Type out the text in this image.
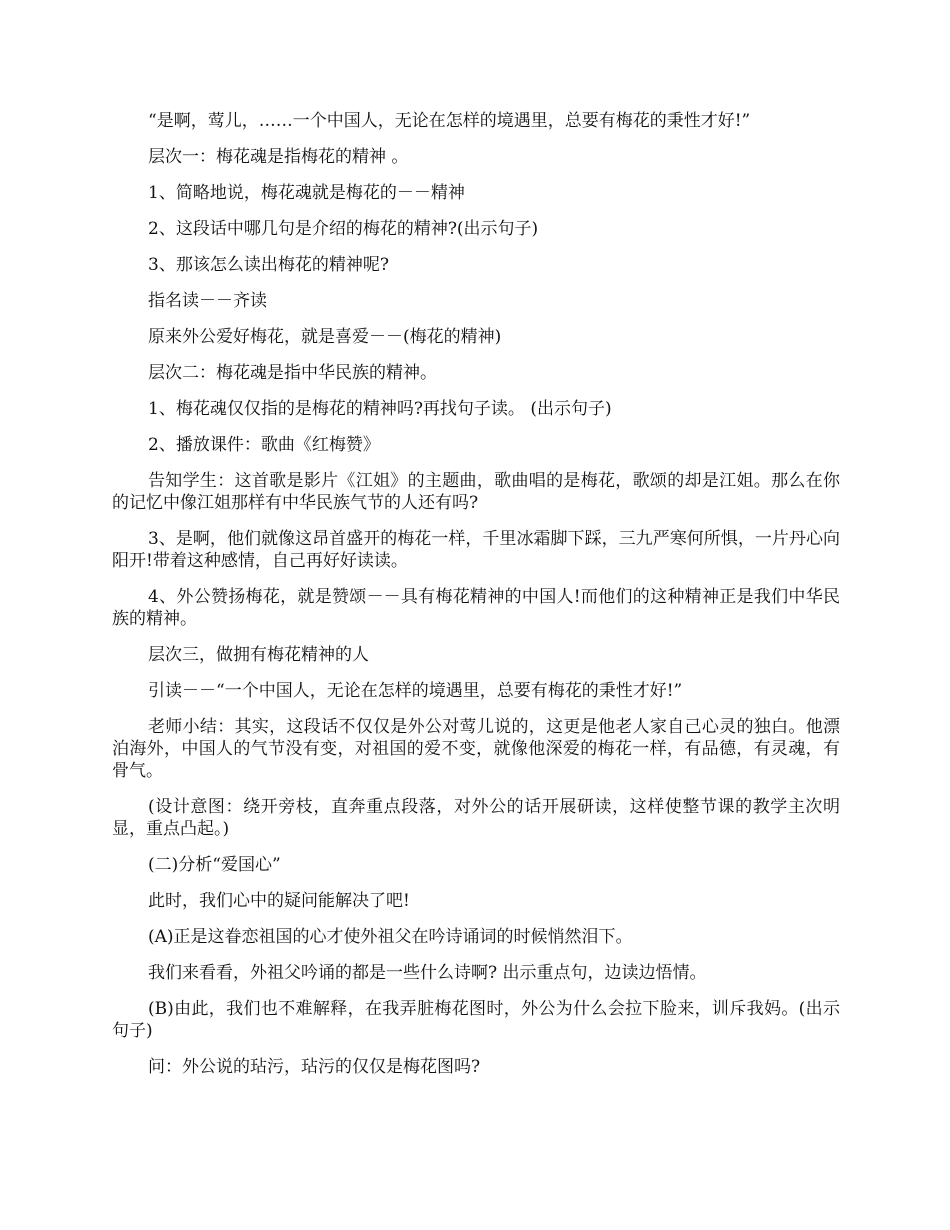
“是啊，莺儿，……一个中国人，无论在怎样的境遇里，总要有梅花的秉性才好!”

层次一：梅花魂是指梅花的精神 。

1、简略地说，梅花魂就是梅花的－－精神

2、这段话中哪几句是介绍的梅花的精神?(出示句子)

3、那该怎么读出梅花的精神呢?

指名读－－齐读

原来外公爱好梅花，就是喜爱－－(梅花的精神)

层次二：梅花魂是指中华民族的精神。

1、梅花魂仅仅指的是梅花的精神吗?再找句子读。 (出示句子)

2、播放课件：歌曲《红梅赞》

告知学生：这首歌是影片《江姐》的主题曲，歌曲唱的是梅花，歌颂的却是江姐。那么在你的记忆中像江姐那样有中华民族气节的人还有吗?

3、是啊，他们就像这昂首盛开的梅花一样，千里冰霜脚下踩，三九严寒何所惧，一片丹心向阳开!带着这种感情，自己再好好读读。

4、外公赞扬梅花，就是赞颂－－具有梅花精神的中国人!而他们的这种精神正是我们中华民族的精神。

层次三，做拥有梅花精神的人

引读－－“一个中国人，无论在怎样的境遇里，总要有梅花的秉性才好!”

老师小结：其实，这段话不仅仅是外公对莺儿说的，这更是他老人家自己心灵的独白。他漂泊海外，中国人的气节没有变，对祖国的爱不变，就像他深爱的梅花一样，有品德，有灵魂，有骨气。

(设计意图：绕开旁枝，直奔重点段落，对外公的话开展研读，这样使整节课的教学主次明显，重点凸起。)

(二)分析“爱国心”

此时，我们心中的疑问能解决了吧!

(A)正是这眷恋祖国的心才使外祖父在吟诗诵词的时候悄然泪下。

我们来看看，外祖父吟诵的都是一些什么诗啊? 出示重点句，边读边悟情。

(B)由此，我们也不难解释，在我弄脏梅花图时，外公为什么会拉下脸来，训斥我妈。(出示句子)

问：外公说的玷污，玷污的仅仅是梅花图吗?
